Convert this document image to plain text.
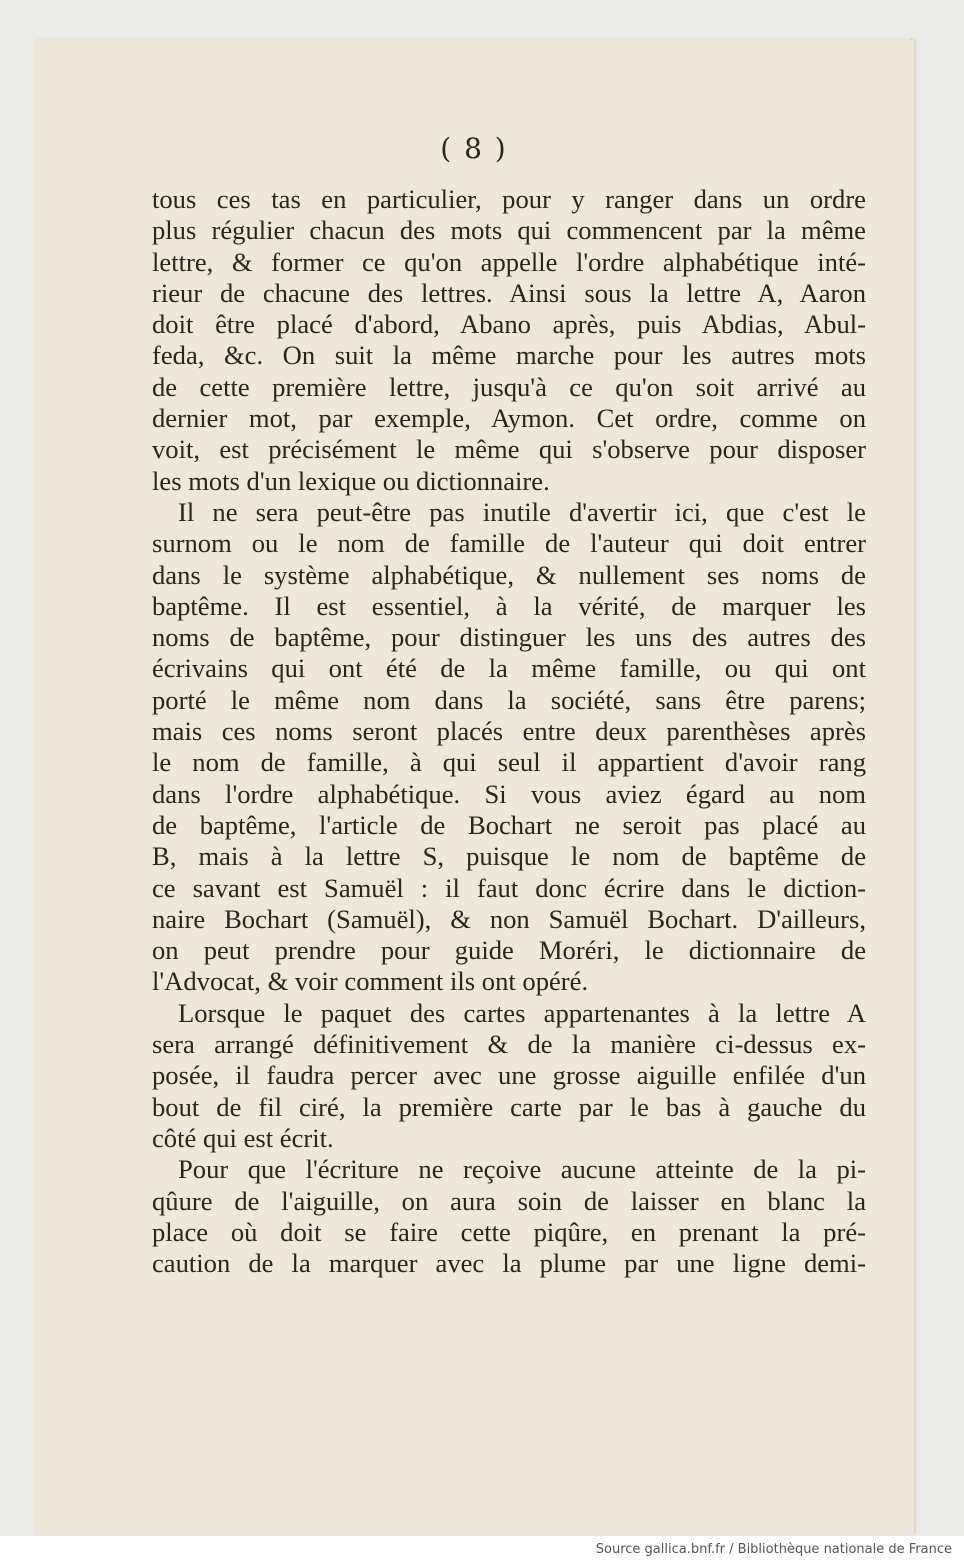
( 8 )
tous ces tas en particulier, pour y ranger dans un ordre
plus régulier chacun des mots qui commencent par la même
lettre, & former ce qu'on appelle l'ordre alphabétique inté-
rieur de chacune des lettres. Ainsi sous la lettre A, Aaron
doit être placé d'abord, Abano après, puis Abdias, Abul-
feda, &c. On suit la même marche pour les autres mots
de cette première lettre, jusqu'à ce qu'on soit arrivé au
dernier mot, par exemple, Aymon. Cet ordre, comme on
voit, est précisément le même qui s'observe pour disposer
les mots d'un lexique ou dictionnaire.
Il ne sera peut-être pas inutile d'avertir ici, que c'est le
surnom ou le nom de famille de l'auteur qui doit entrer
dans le système alphabétique, & nullement ses noms de
baptême. Il est essentiel, à la vérité, de marquer les
noms de baptême, pour distinguer les uns des autres des
écrivains qui ont été de la même famille, ou qui ont
porté le même nom dans la société, sans être parens;
mais ces noms seront placés entre deux parenthèses après
le nom de famille, à qui seul il appartient d'avoir rang
dans l'ordre alphabétique. Si vous aviez égard au nom
de baptême, l'article de Bochart ne seroit pas placé au
B, mais à la lettre S, puisque le nom de baptême de
ce savant est Samuël : il faut donc écrire dans le diction-
naire Bochart (Samuël), & non Samuël Bochart. D'ailleurs,
on peut prendre pour guide Moréri, le dictionnaire de
l'Advocat, & voir comment ils ont opéré.
Lorsque le paquet des cartes appartenantes à la lettre A
sera arrangé définitivement & de la manière ci-dessus ex-
posée, il faudra percer avec une grosse aiguille enfilée d'un
bout de fil ciré, la première carte par le bas à gauche du
côté qui est écrit.
Pour que l'écriture ne reçoive aucune atteinte de la pi-
qûure de l'aiguille, on aura soin de laisser en blanc la
place où doit se faire cette piqûre, en prenant la pré-
caution de la marquer avec la plume par une ligne demi-
Source gallica.bnf.fr / Bibliothèque nationale de France
